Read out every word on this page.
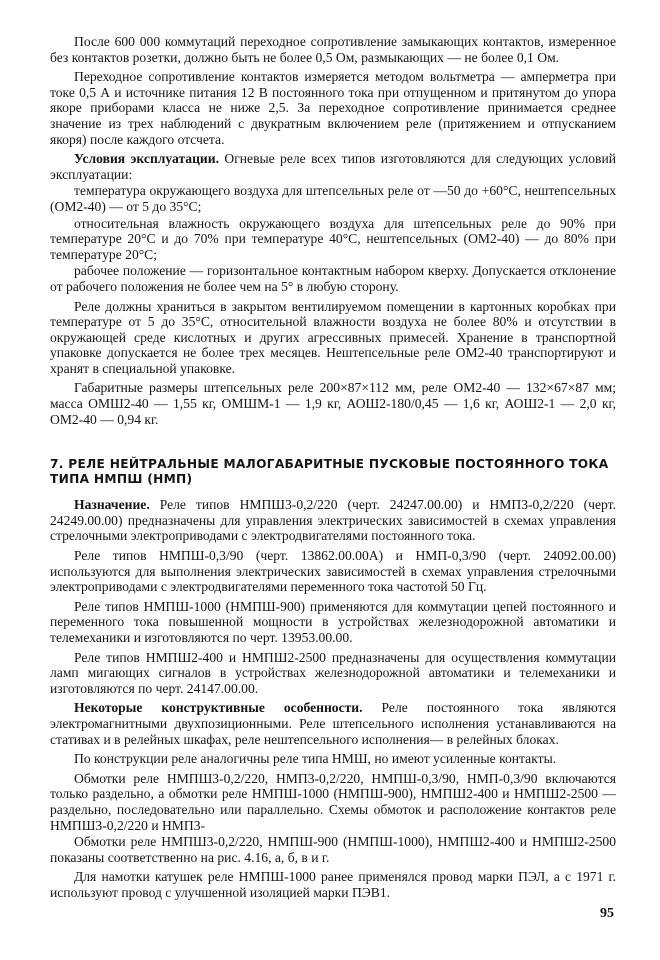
После 600 000 коммутаций переходное сопротивление замыкающих контактов, измеренное без контактов розетки, должно быть не более 0,5 Ом, размыкающих — не более 0,1 Ом.

Переходное сопротивление контактов измеряется методом вольтметра — амперметра при токе 0,5 А и источнике питания 12 В постоянного тока при отпущенном и притянутом до упора якоре приборами класса не ниже 2,5. За переходное сопротивление принимается среднее значение из трех наблюдений с двукратным включением реле (притяжением и отпусканием якоря) после каждого отсчета.

Условия эксплуатации. Огневые реле всех типов изготовляются для следующих условий эксплуатации:

температура окружающего воздуха для штепсельных реле от —50 до +60°С, нештепсельных (ОМ2-40) — от 5 до 35°С;

относительная влажность окружающего воздуха для штепсельных реле до 90% при температуре 20°С и до 70% при температуре 40°С, нештепсельных (ОМ2-40) — до 80% при температуре 20°С;

рабочее положение — горизонтальное контактным набором кверху. Допускается отклонение от рабочего положения не более чем на 5° в любую сторону.

Реле должны храниться в закрытом вентилируемом помещении в картонных коробках при температуре от 5 до 35°С, относительной влажности воздуха не более 80% и отсутствии в окружающей среде кислотных и других агрессивных примесей. Хранение в транспортной упаковке допускается не более трех месяцев. Нештепсельные реле ОМ2-40 транспортируют и хранят в специальной упаковке.

Габаритные размеры штепсельных реле 200×87×112 мм, реле ОМ2-40 — 132×67×87 мм; масса ОМШ2-40 — 1,55 кг, ОМШМ-1 — 1,9 кг, АОШ2-180/0,45 — 1,6 кг, АОШ2-1 — 2,0 кг, ОМ2-40 — 0,94 кг.

7. РЕЛЕ НЕЙТРАЛЬНЫЕ МАЛОГАБАРИТНЫЕ ПУСКОВЫЕ ПОСТОЯННОГО ТОКА ТИПА НМПШ (НМП)

Назначение. Реле типов НМПШ3-0,2/220 (черт. 24247.00.00) и НМП3-0,2/220 (черт. 24249.00.00) предназначены для управления электрических зависимостей в схемах управления стрелочными электроприводами с электродвигателями постоянного тока.

Реле типов НМПШ-0,3/90 (черт. 13862.00.00А) и НМП-0,3/90 (черт. 24092.00.00) используются для выполнения электрических зависимостей в схемах управления стрелочными электроприводами с электродвигателями переменного тока частотой 50 Гц.

Реле типов НМПШ-1000 (НМПШ-900) применяются для коммутации цепей постоянного и переменного тока повышенной мощности в устройствах железнодорожной автоматики и телемеханики и изготовляются по черт. 13953.00.00.

Реле типов НМПШ2-400 и НМПШ2-2500 предназначены для осуществления коммутации ламп мигающих сигналов в устройствах железнодорожной автоматики и телемеханики и изготовляются по черт. 24147.00.00.

Некоторые конструктивные особенности. Реле постоянного тока являются электромагнитными двухпозиционными. Реле штепсельного исполнения устанавливаются на стативах и в релейных шкафах, реле нештепсельного исполнения— в релейных блоках.

По конструкции реле аналогичны реле типа НМШ, но имеют усиленные контакты.

Обмотки реле НМПШ3-0,2/220, НМП3-0,2/220, НМПШ-0,3/90, НМП-0,3/90 включаются только раздельно, а обмотки реле НМПШ-1000 (НМПШ-900), НМПШ2-400 и НМПШ2-2500 — раздельно, последовательно или параллельно. Схемы обмоток и расположение контактов реле НМПШ3-0,2/220 и НМП3-

Обмотки реле НМПШ3-0,2/220, НМПШ-900 (НМПШ-1000), НМПШ2-400 и НМПШ2-2500 показаны соответственно на рис. 4.16, а, б, в и г.

Для намотки катушек реле НМПШ-1000 ранее применялся провод марки ПЭЛ, а с 1971 г. используют провод с улучшенной изоляцией марки ПЭВ1.

95
